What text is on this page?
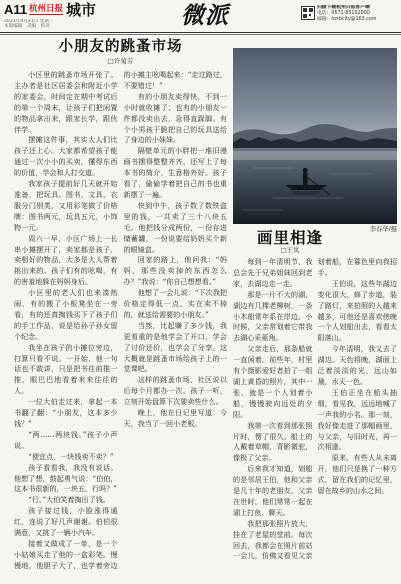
A11 杭州日报 城市
2021年4月21日 星期三
本版编辑　美编　校对	微派	扫描下载杭州日报客户端
电话：0571-85102000
邮箱：hzrbcity@163.com
小朋友的跳蚤市场
□许菊芬

小区里的跳蚤市场开张了。主办者是社区居委会和附近小学的家委会，时间定在期中考试后的第一个周末，让孩子们把闲置的物品拿出来，跟家长学，跟伙伴学。

摆摊这件事，其实大人们比孩子还上心。大家都希望孩子能通过一次小小的买卖，懂得东西的价值，学会和人打交道。

我家孩子提前好几天就开始准备，把玩具、图书、文具、衣服分门别类，又用彩笔做了价格牌：图书两元，玩具五元，小饰物一元。

周六一早，小区广场上一长串小摊摆开了，卖家都是孩子，卖相好的物品，大多是大人帮着挑出来的。孩子们有的吆喝，有的害羞地躲在妈妈身后。

小区里的老人们也来凑热闹，有的搬了小板凳坐在一旁看，有的还真掏钱买下了孩子们的手工作品，说是给孙子孙女留个纪念。

我坐在孩子的小摊位旁边，打算只看不说。一开始，他一句话也不敢讲，只是把书往前推一推，眼巴巴地看着来来往往的人。

一位大伯走过来，拿起一本书翻了翻：“小朋友，这本多少钱？”

“两……两块钱。”孩子小声说。

“便宜点，一块钱卖不卖？”

孩子看看我，我没有说话。他想了想，鼓起勇气说：“伯伯，这本书很新的，一块五，行吗？”

“行。”大伯笑着掏出了钱。

孩子接过钱，小脸涨得通红，连说了好几声谢谢。伯伯很满意，又挑了一辆小汽车。

接着又做成了一单，是一个小姑娘买走了他的一盒彩笔。慢慢地，他胆子大了，也学着旁边的小摊主吆喝起来：“走过路过，不要错过！”

有的小朋友卖得快，不到一小时就收摊了；也有的小朋友一件都没卖出去，急得直跺脚。有个小男孩干脆把自己的玩具送给了身边的小妹妹。

隔壁单元的小胖把一堆旧漫画书摆得整整齐齐，还写上了每本书的简介，生意格外好。孩子看了，偷偷学着把自己的书也重新摆了一遍。

快到中午，孩子数了数铁盒里的钱，一共卖了三十八块五毛。他把钱分成两份，一份存进储蓄罐，一份说要给奶奶买个新的眼镜盒。

回家的路上，他问我：“妈妈，那些没卖掉的东西怎么办？”我说：“你自己想想看。”

他想了一会儿说：“下次我把价格定得低一点，实在卖不掉的，就送给需要的小朋友。”

当然，比起赚了多少钱，我更看重的是他学会了开口，学会了讨价还价，也学会了分享。这大概就是跳蚤市场给孩子上的一堂课吧。

这样的跳蚤市场，社区说以后每个月都办一次。孩子一听，立刻开始盘算下次要卖些什么。

晚上，他在日记里写道：今天，我当了一回小老板。

李春华/摄
画里相逢
□王岚

每到一年清明节，我总会先于兄弟姐妹回到老家，去湖边走一走。

那是一片不大的湖，湖边有几棵老柳树，一条小木船常年系在岸边。小时候，父亲常划着它带我去湖心采菱角。

父亲走后，那条船就一直闲着。前些年，村里有个摄影爱好者拍了一组湖上黄昏的照片，其中一张，就是一个人划着小船，慢慢驶向远处的夕阳。

我第一次看到那张照片时，愣了很久。船上的人戴着草帽，背影微驼，像极了父亲。

后来我才知道，划船的是邻居王伯，他和父亲是几十年的老朋友。父亲在世时，他们常常一起在湖上打鱼、聊天。

我把那张照片放大，挂在了老屋的堂前。每次回去，我都会在照片前站一会儿，仿佛又看见父亲划着船，在暮色里向我招手。

王伯说，这些年湖边变化很大，修了步道，装了路灯，来拍照的人越来越多，可他还是喜欢傍晚一个人划船出去，看看太阳落山。

今年清明，我又去了湖边。天色将晚，湖面上泛着淡淡的光，远山如黛，水天一色。

王伯正坐在船头抽烟，看见我，远远地喊了一声我的小名。那一刻，我好像走进了那幅画里，与父亲，与旧时光，再一次相逢。

原来，有些人从未离开，他们只是换了一种方式，留在我们的记忆里，留在故乡的山水之间。
